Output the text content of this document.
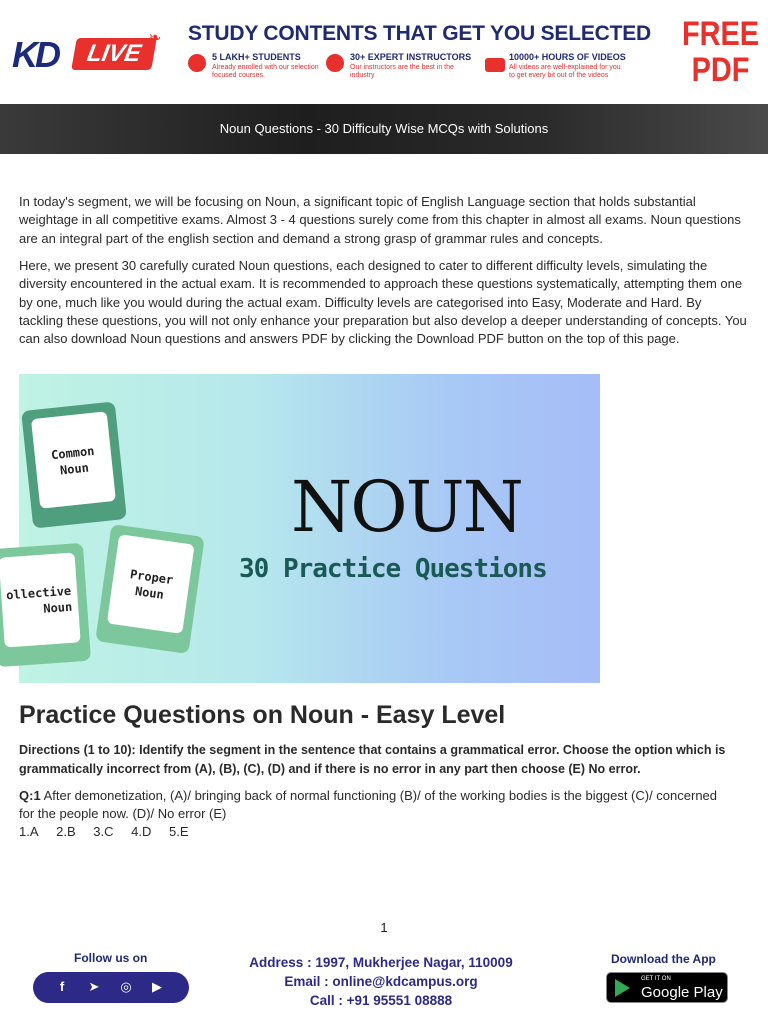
KD	LIVE
❧ STUDY CONTENTS THAT GET YOU SELECTED
5 LAKH+ STUDENTS
Already enrolled with our selection focused courses.
30+ EXPERT INSTRUCTORS
Our instructors are the best in the industry
10000+ HOURS OF VIDEOS
All videos are well-explained for you to get every bit out of the videos
FREE
PDF
Noun Questions - 30 Difficulty Wise MCQs with Solutions

In today's segment, we will be focusing on Noun, a significant topic of English Language section that holds substantial weightage in all competitive exams. Almost 3 - 4 questions surely come from this chapter in almost all exams. Noun questions are an integral part of the english section and demand a strong grasp of grammar rules and concepts.

Here, we present 30 carefully curated Noun questions, each designed to cater to different difficulty levels, simulating the diversity encountered in the actual exam. It is recommended to approach these questions systematically, attempting them one by one, much like you would during the actual exam. Difficulty levels are categorised into Easy, Moderate and Hard. By tackling these questions, you will not only enhance your preparation but also develop a deeper understanding of concepts. You can also download Noun questions and answers PDF by clicking the Download PDF button on the top of this page.

Common
Noun
Proper
Noun
ollective
Noun
NOUN
30 Practice Questions
Practice Questions on Noun - Easy Level

Directions (1 to 10): Identify the segment in the sentence that contains a grammatical error. Choose the option which is grammatically incorrect from (A), (B), (C), (D) and if there is no error in any part then choose (E) No error.

Q:1 After demonetization, (A)/ bringing back of normal functioning (B)/ of the working bodies is the biggest (C)/ concerned for the people now. (D)/ No error (E)

1.A 2.B 3.C 4.D 5.E
1
Follow us on
f	➤ ◎	▶
Address : 1997, Mukherjee Nagar, 110009
Email : online@kdcampus.org
Call : +91 95551 08888
Download the App
GET IT ON
Google Play
